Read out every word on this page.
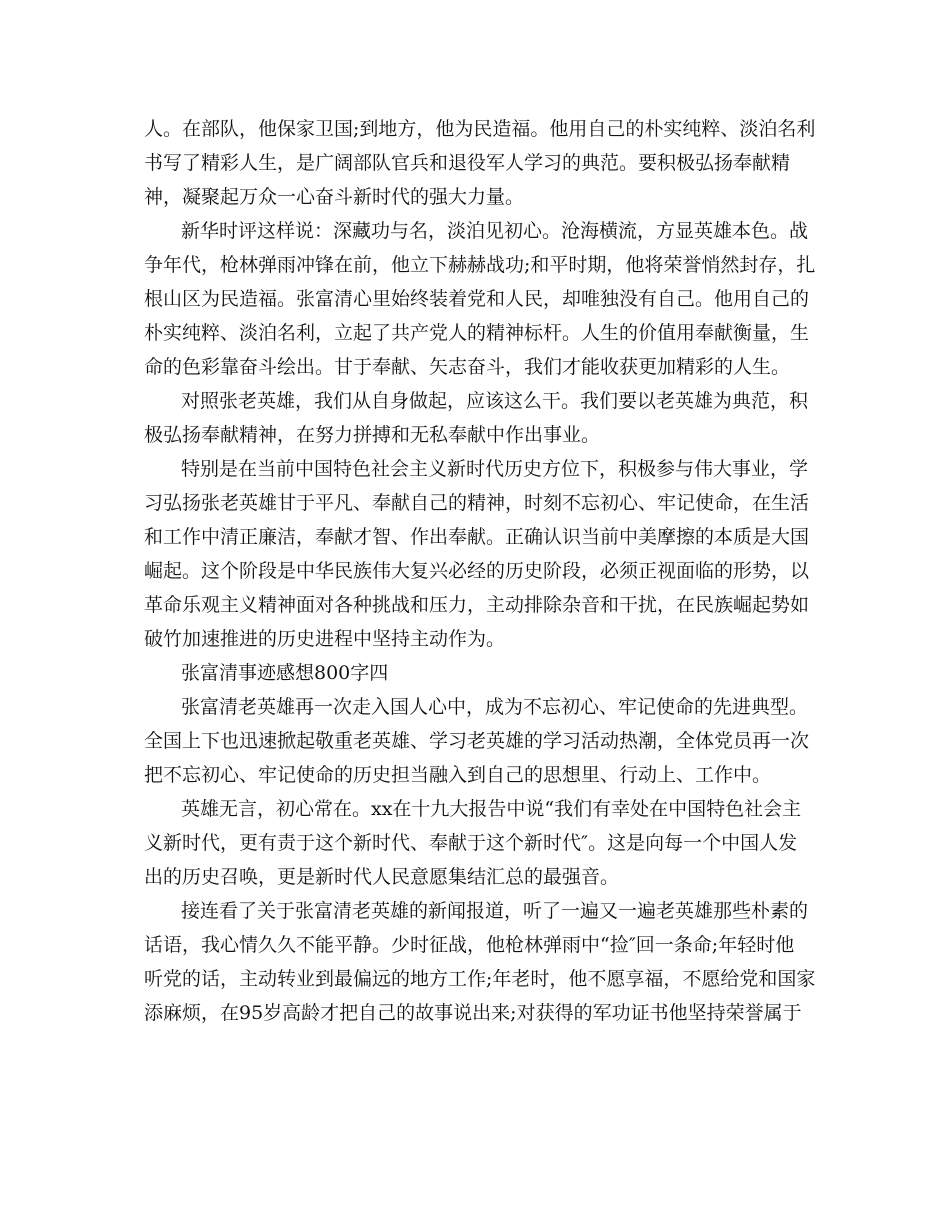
人。在部队，他保家卫国;到地方，他为民造福。他用自己的朴实纯粹、淡泊名利

书写了精彩人生，是广阔部队官兵和退役军人学习的典范。要积极弘扬奉献精

神，凝聚起万众一心奋斗新时代的强大力量。

新华时评这样说：深藏功与名，淡泊见初心。沧海横流，方显英雄本色。战

争年代，枪林弹雨冲锋在前，他立下赫赫战功;和平时期，他将荣誉悄然封存，扎

根山区为民造福。张富清心里始终装着党和人民，却唯独没有自己。他用自己的

朴实纯粹、淡泊名利，立起了共产党人的精神标杆。人生的价值用奉献衡量，生

命的色彩靠奋斗绘出。甘于奉献、矢志奋斗，我们才能收获更加精彩的人生。

对照张老英雄，我们从自身做起，应该这么干。我们要以老英雄为典范，积

极弘扬奉献精神，在努力拼搏和无私奉献中作出事业。

特别是在当前中国特色社会主义新时代历史方位下，积极参与伟大事业，学

习弘扬张老英雄甘于平凡、奉献自己的精神，时刻不忘初心、牢记使命，在生活

和工作中清正廉洁，奉献才智、作出奉献。正确认识当前中美摩擦的本质是大国

崛起。这个阶段是中华民族伟大复兴必经的历史阶段，必须正视面临的形势，以

革命乐观主义精神面对各种挑战和压力，主动排除杂音和干扰，在民族崛起势如

破竹加速推进的历史进程中坚持主动作为。

张富清事迹感想800字四

张富清老英雄再一次走入国人心中，成为不忘初心、牢记使命的先进典型。

全国上下也迅速掀起敬重老英雄、学习老英雄的学习活动热潮，全体党员再一次

把不忘初心、牢记使命的历史担当融入到自己的思想里、行动上、工作中。

英雄无言，初心常在。xx在十九大报告中说“我们有幸处在中国特色社会主

义新时代，更有责于这个新时代、奉献于这个新时代″。这是向每一个中国人发

出的历史召唤，更是新时代人民意愿集结汇总的最强音。

接连看了关于张富清老英雄的新闻报道，听了一遍又一遍老英雄那些朴素的

话语，我心情久久不能平静。少时征战，他枪林弹雨中“捡″回一条命;年轻时他

听党的话，主动转业到最偏远的地方工作;年老时，他不愿享福，不愿给党和国家

添麻烦，在95岁高龄才把自己的故事说出来;对获得的军功证书他坚持荣誉属于
